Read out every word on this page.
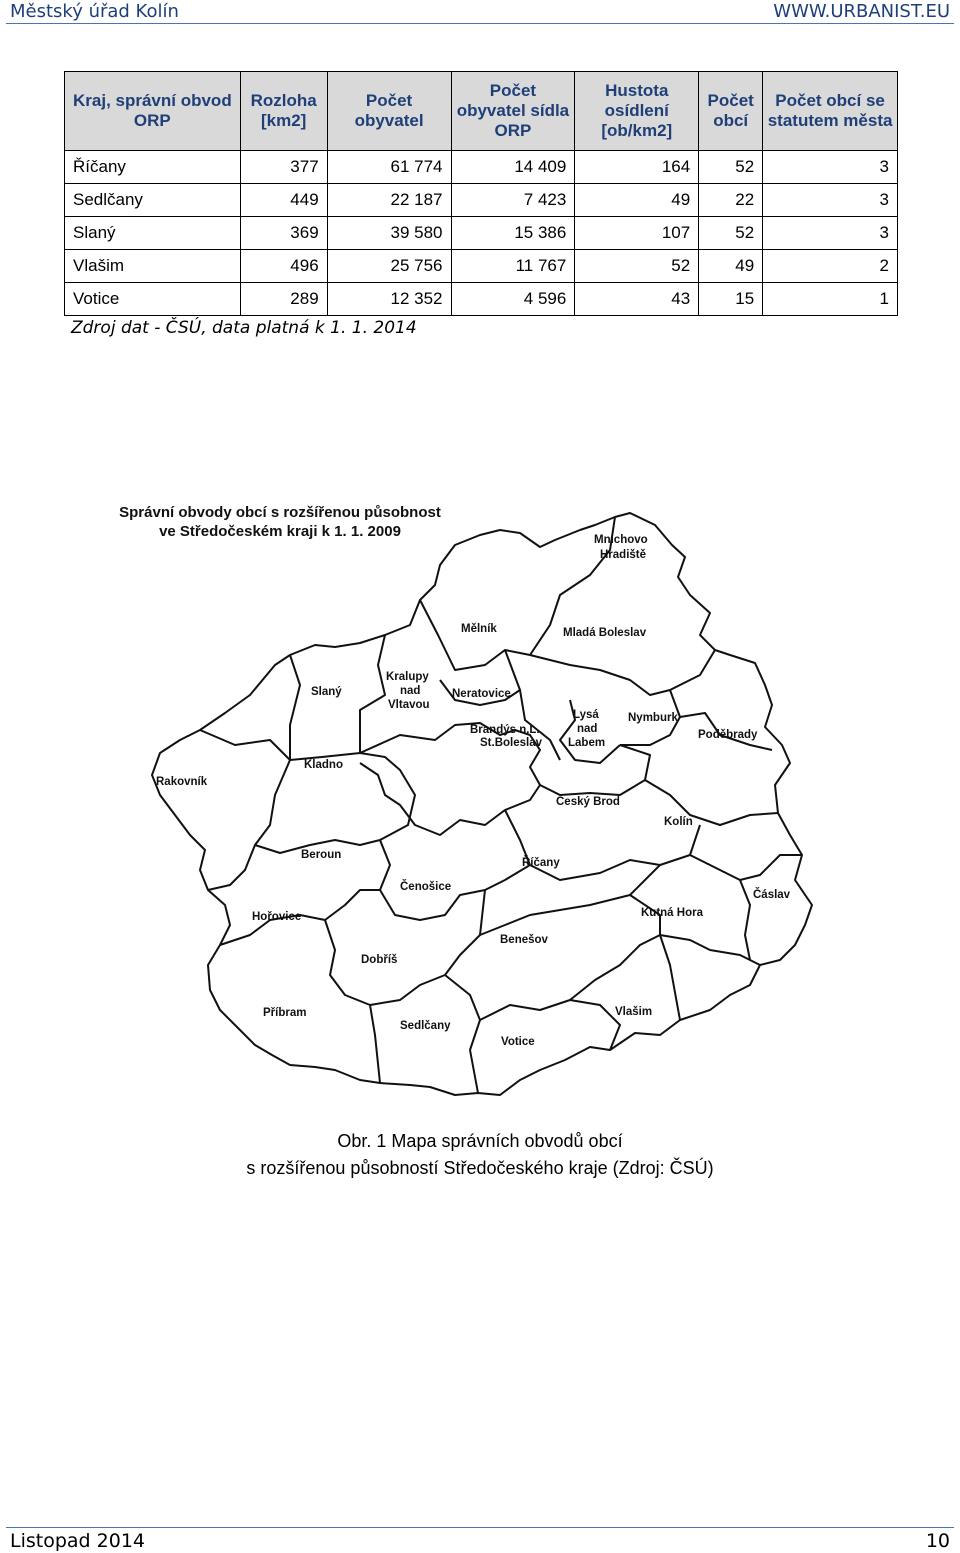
Městský úřad Kolín	WWW.URBANIST.EU
Kraj, správní obvod ORP	Rozloha [km2]	Počet obyvatel	Počet obyvatel sídla ORP	Hustota osídlení [ob/km2]	Počet obcí	Počet obcí se statutem města
Říčany	377	61 774	14 409	164	52	3
Sedlčany	449	22 187	7 423	49	22	3
Slaný	369	39 580	15 386	107	52	3
Vlašim	496	25 756	11 767	52	49	2
Votice	289	12 352	4 596	43	15	1
Zdroj dat - ČSÚ, data platná k 1. 1. 2014
Mnichovo
Hradiště
Mělník	Mladá Boleslav
Slaný
Kralupy
nad
Vltavou
Neratovice
Brandýs n.L.
St.Boleslav
Lysá
nad
Labem
Nymburk
Poděbrady
Rakovník
Kladno
Český Brod
Kolín
Beroun
Říčany
Čenošice
Čáslav
Hořovice	Kutná Hora
Benešov
Dobříš
Příbram
Sedlčany
Vlašim
Votice
Správní obvody obcí s rozšířenou působnost
ve Středočeském kraji k 1. 1. 2009
Obr. 1 Mapa správních obvodů obcí
s rozšířenou působností Středočeského kraje (Zdroj: ČSÚ)
Listopad 2014	10
